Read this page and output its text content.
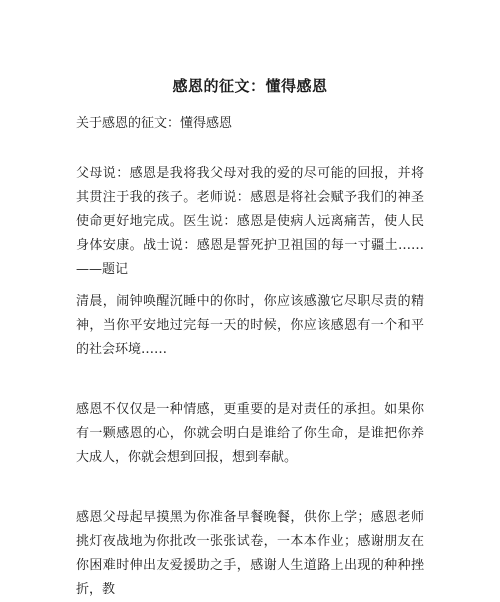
感恩的征文：懂得感恩
关于感恩的征文：懂得感恩
父母说：感恩是我将我父母对我的爱的尽可能的回报，并将其贯注于我的孩子。老师说：感恩是将社会赋予我们的神圣使命更好地完成。医生说：感恩是使病人远离痛苦，使人民身体安康。战士说：感恩是誓死护卫祖国的每一寸疆土……——题记
清晨，闹钟唤醒沉睡中的你时，你应该感激它尽职尽责的精神，当你平安地过完每一天的时候，你应该感恩有一个和平的社会环境……
感恩不仅仅是一种情感，更重要的是对责任的承担。如果你有一颗感恩的心，你就会明白是谁给了你生命，是谁把你养大成人，你就会想到回报，想到奉献。
感恩父母起早摸黑为你准备早餐晚餐，供你上学；感恩老师挑灯夜战地为你批改一张张试卷，一本本作业；感谢朋友在你困难时伸出友爱援助之手，感谢人生道路上出现的种种挫折，教
